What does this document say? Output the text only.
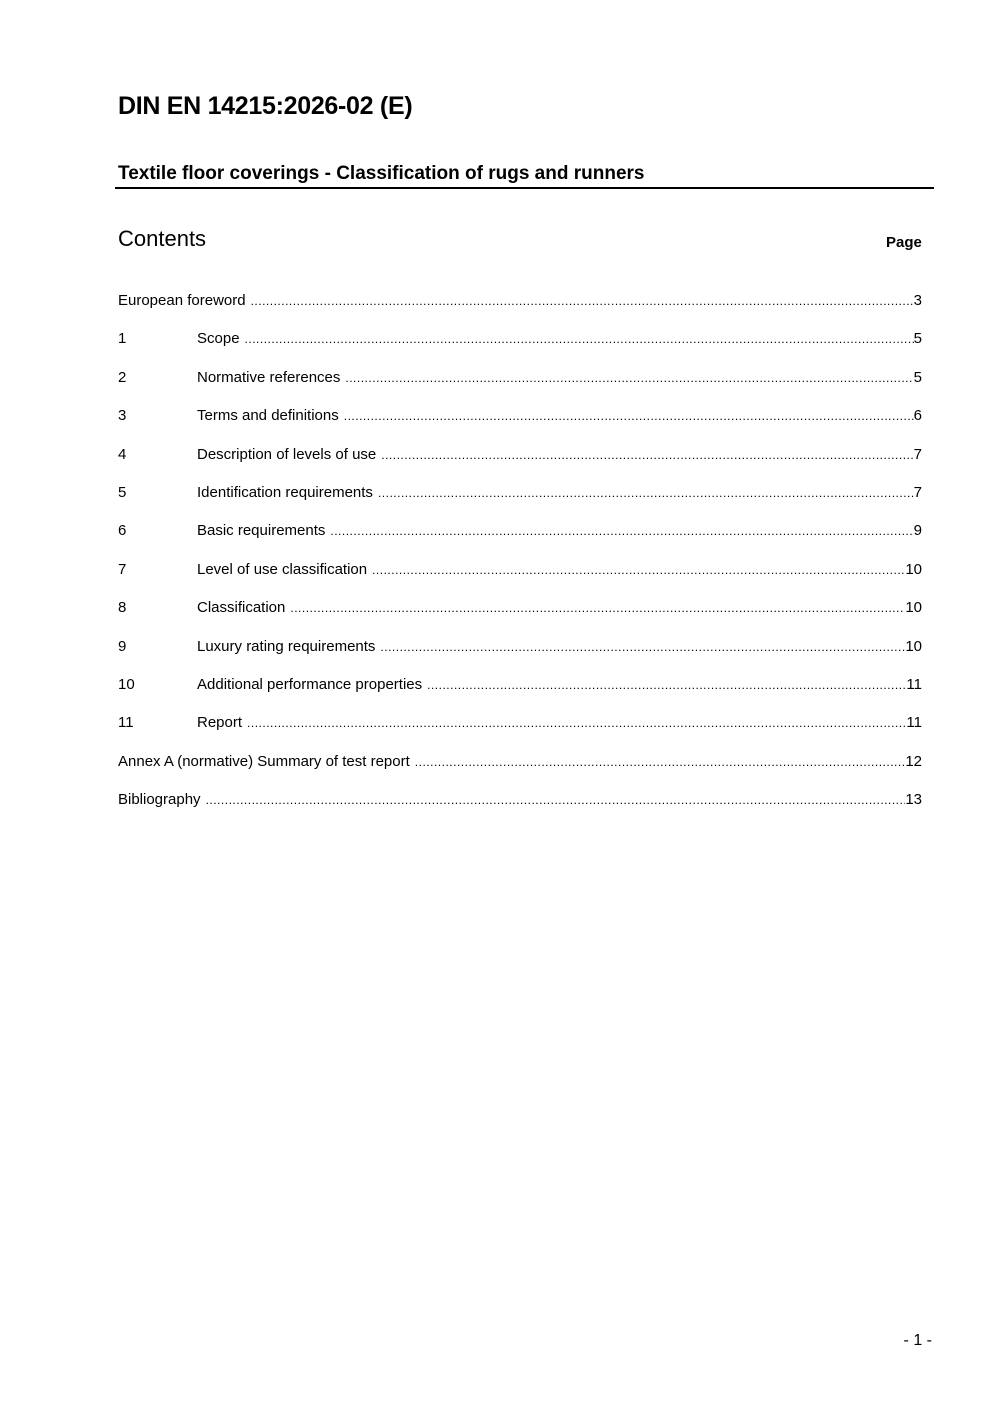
DIN EN 14215:2026-02 (E)
Textile floor coverings - Classification of rugs and runners
Contents	Page
European foreword .....	3
1	Scope .....	5
2	Normative references .....	5
3	Terms and definitions .....	6
4	Description of levels of use .....	7
5	Identification requirements .....	7
6	Basic requirements .....	9
7	Level of use classification .....	10
8	Classification .....	10
9	Luxury rating requirements .....	10
10	Additional performance properties .....	11
11	Report .....	11
Annex A (normative) Summary of test report .....	12
Bibliography .....	13
- 1 -
